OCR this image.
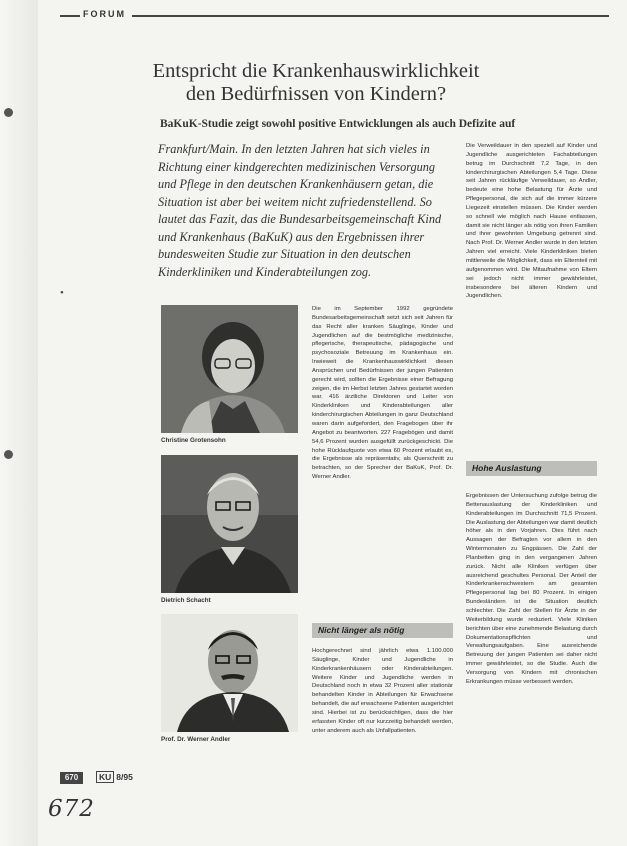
FORUM
Entspricht die Krankenhauswirklichkeit
den Bedürfnissen von Kindern?
BaKuK-Studie zeigt sowohl positive Entwicklungen als auch Defizite auf
Frankfurt/Main. In den letzten Jahren hat sich vieles in Richtung einer kindgerechten medizinischen Versorgung und Pflege in den deutschen Krankenhäusern getan, die Situation ist aber bei weitem nicht zufriedenstellend. So lautet das Fazit, das die Bundesarbeitsgemeinschaft Kind und Krankenhaus (BaKuK) aus den Ergebnissen ihrer bundesweiten Studie zur Situation in den deutschen Kinderkliniken und Kinderabteilungen zog.
Christine Grotensohn
Dietrich Schacht
Prof. Dr. Werner Andler
Die im September 1992 gegründete Bundesarbeitsgemeinschaft setzt sich seit Jahren für das Recht aller kranken Säuglinge, Kinder und Jugendlichen auf die bestmögliche medizinische, pflegerische, therapeutische, pädagogische und psychosoziale Betreuung im Krankenhaus ein. Inwieweit die Krankenhauswirklichkeit diesen Ansprüchen und Bedürfnissen der jungen Patienten gerecht wird, sollten die Ergebnisse einer Befragung zeigen, die im Herbst letzten Jahres gestartet worden war. 416 ärztliche Direktoren und Leiter von Kinderkliniken und Kinderabteilungen aller kinderchirurgischen Abteilungen in ganz Deutschland waren darin aufgefordert, den Fragebogen über ihr Angebot zu beantworten. 227 Fragebögen und damit 54,6 Prozent wurden ausgefüllt zurückgeschickt. Die hohe Rücklaufquote von etwa 60 Prozent erlaubt es, die Ergebnisse als repräsentativ, als Querschnitt zu betrachten, so der Sprecher der BaKuK, Prof. Dr. Werner Andler.
Nicht länger als nötig
Hochgerechnet sind jährlich etwa 1.100.000 Säuglinge, Kinder und Jugendliche in Kinderkrankenhäusern oder Kinderabteilungen. Weitere Kinder und Jugendliche werden in Deutschland noch in etwa 32 Prozent aller stationär behandelten Kinder in Abteilungen für Erwachsene behandelt, die auf erwachsene Patienten ausgerichtet sind. Hierbei ist zu berücksichtigen, dass die hier erfassten Kinder oft nur kurzzeitig behandelt werden, unter anderem auch als Unfallpatienten.
Die Verweildauer in den speziell auf Kinder und Jugendliche ausgerichteten Fachabteilungen betrug im Durchschnitt 7,2 Tage, in den kinderchirurgischen Abteilungen 5,4 Tage. Diese seit Jahren rückläufige Verweildauer, so Andler, bedeute eine hohe Belastung für Ärzte und Pflegepersonal, die sich auf die immer kürzere Liegezeit einstellen müssen. Die Kinder werden so schnell wie möglich nach Hause entlassen, damit sie nicht länger als nötig von ihren Familien und ihrer gewohnten Umgebung getrennt sind. Nach Prof. Dr. Werner Andler wurde in den letzten Jahren viel erreicht. Viele Kinderkliniken bieten mittlerweile die Möglichkeit, dass ein Elternteil mit aufgenommen wird. Die Mitaufnahme von Eltern sei jedoch nicht immer gewährleistet, insbesondere bei älteren Kindern und Jugendlichen.
Hohe Auslastung
Ergebnissen der Untersuchung zufolge betrug die Bettenauslastung der Kinderkliniken und Kinderabteilungen im Durchschnitt 71,5 Prozent. Die Auslastung der Abteilungen war damit deutlich höher als in den Vorjahren. Dies führt nach Aussagen der Befragten vor allem in den Wintermonaten zu Engpässen. Die Zahl der Planbetten ging in den vergangenen Jahren zurück. Nicht alle Kliniken verfügen über ausreichend geschultes Personal. Der Anteil der Kinderkrankenschwestern am gesamten Pflegepersonal lag bei 80 Prozent. In einigen Bundesländern ist die Situation deutlich schlechter. Die Zahl der Stellen für Ärzte in der Weiterbildung wurde reduziert. Viele Kliniken berichten über eine zunehmende Belastung durch Dokumentationspflichten und Verwaltungsaufgaben. Eine ausreichende Betreuung der jungen Patienten sei daher nicht immer gewährleistet, so die Studie. Auch die Versorgung von Kindern mit chronischen Erkrankungen müsse verbessert werden.
•
670	KU 8/95
672
